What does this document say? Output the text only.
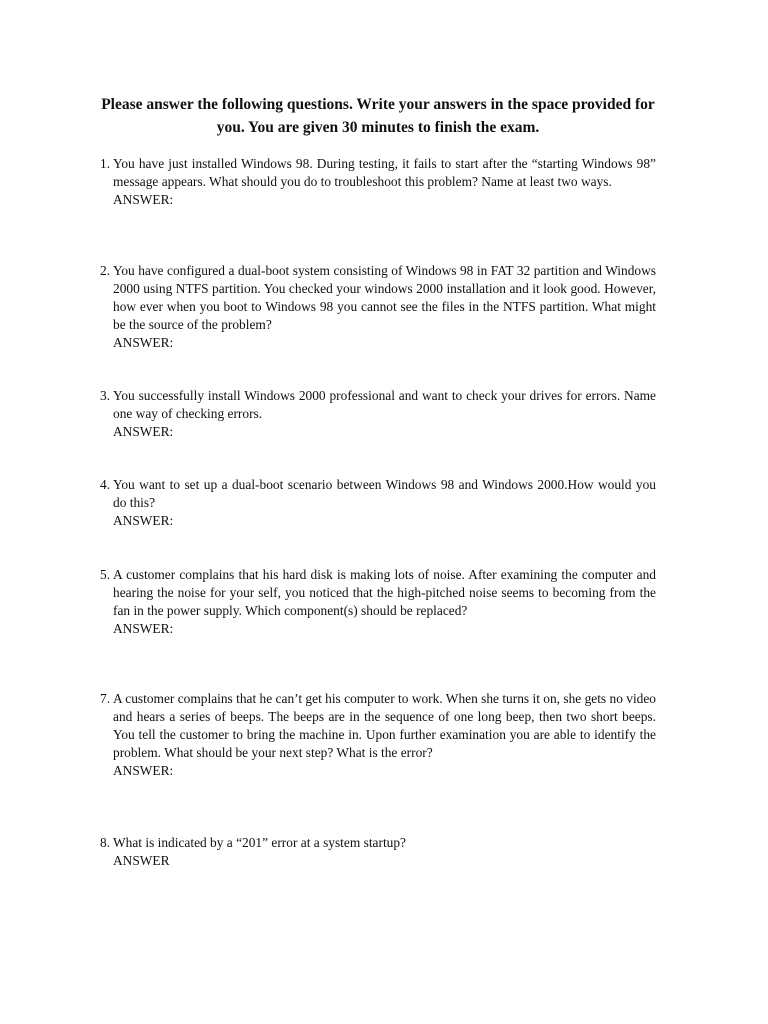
Please answer the following questions. Write your answers in the space provided for you. You are given 30 minutes to finish the exam.
1. You have just installed Windows 98. During testing, it fails to start after the “starting Windows 98” message appears. What should you do to troubleshoot this problem? Name at least two ways.
ANSWER:
2. You have configured a dual-boot system consisting of Windows 98 in FAT 32 partition and Windows 2000 using NTFS partition. You checked your windows 2000 installation and it look good. However, how ever when you boot to Windows 98 you cannot see the files in the NTFS partition. What might be the source of the problem?
ANSWER:
3. You successfully install Windows 2000 professional and want to check your drives for errors. Name one way of checking errors.
ANSWER:
4. You want to set up a dual-boot scenario between Windows 98 and Windows 2000.How would you do this?
ANSWER:
5. A customer complains that his hard disk is making lots of noise. After examining the computer and hearing the noise for your self, you noticed that the high-pitched noise seems to becoming from the fan in the power supply. Which component(s) should be replaced?
ANSWER:
7. A customer complains that he can’t get his computer to work. When she turns it on, she gets no video and hears a series of beeps. The beeps are in the sequence of one long beep, then two short beeps. You tell the customer to bring the machine in. Upon further examination you are able to identify the problem. What should be your next step? What is the error?
ANSWER:
8. What is indicated by a “201” error at a system startup?
ANSWER
